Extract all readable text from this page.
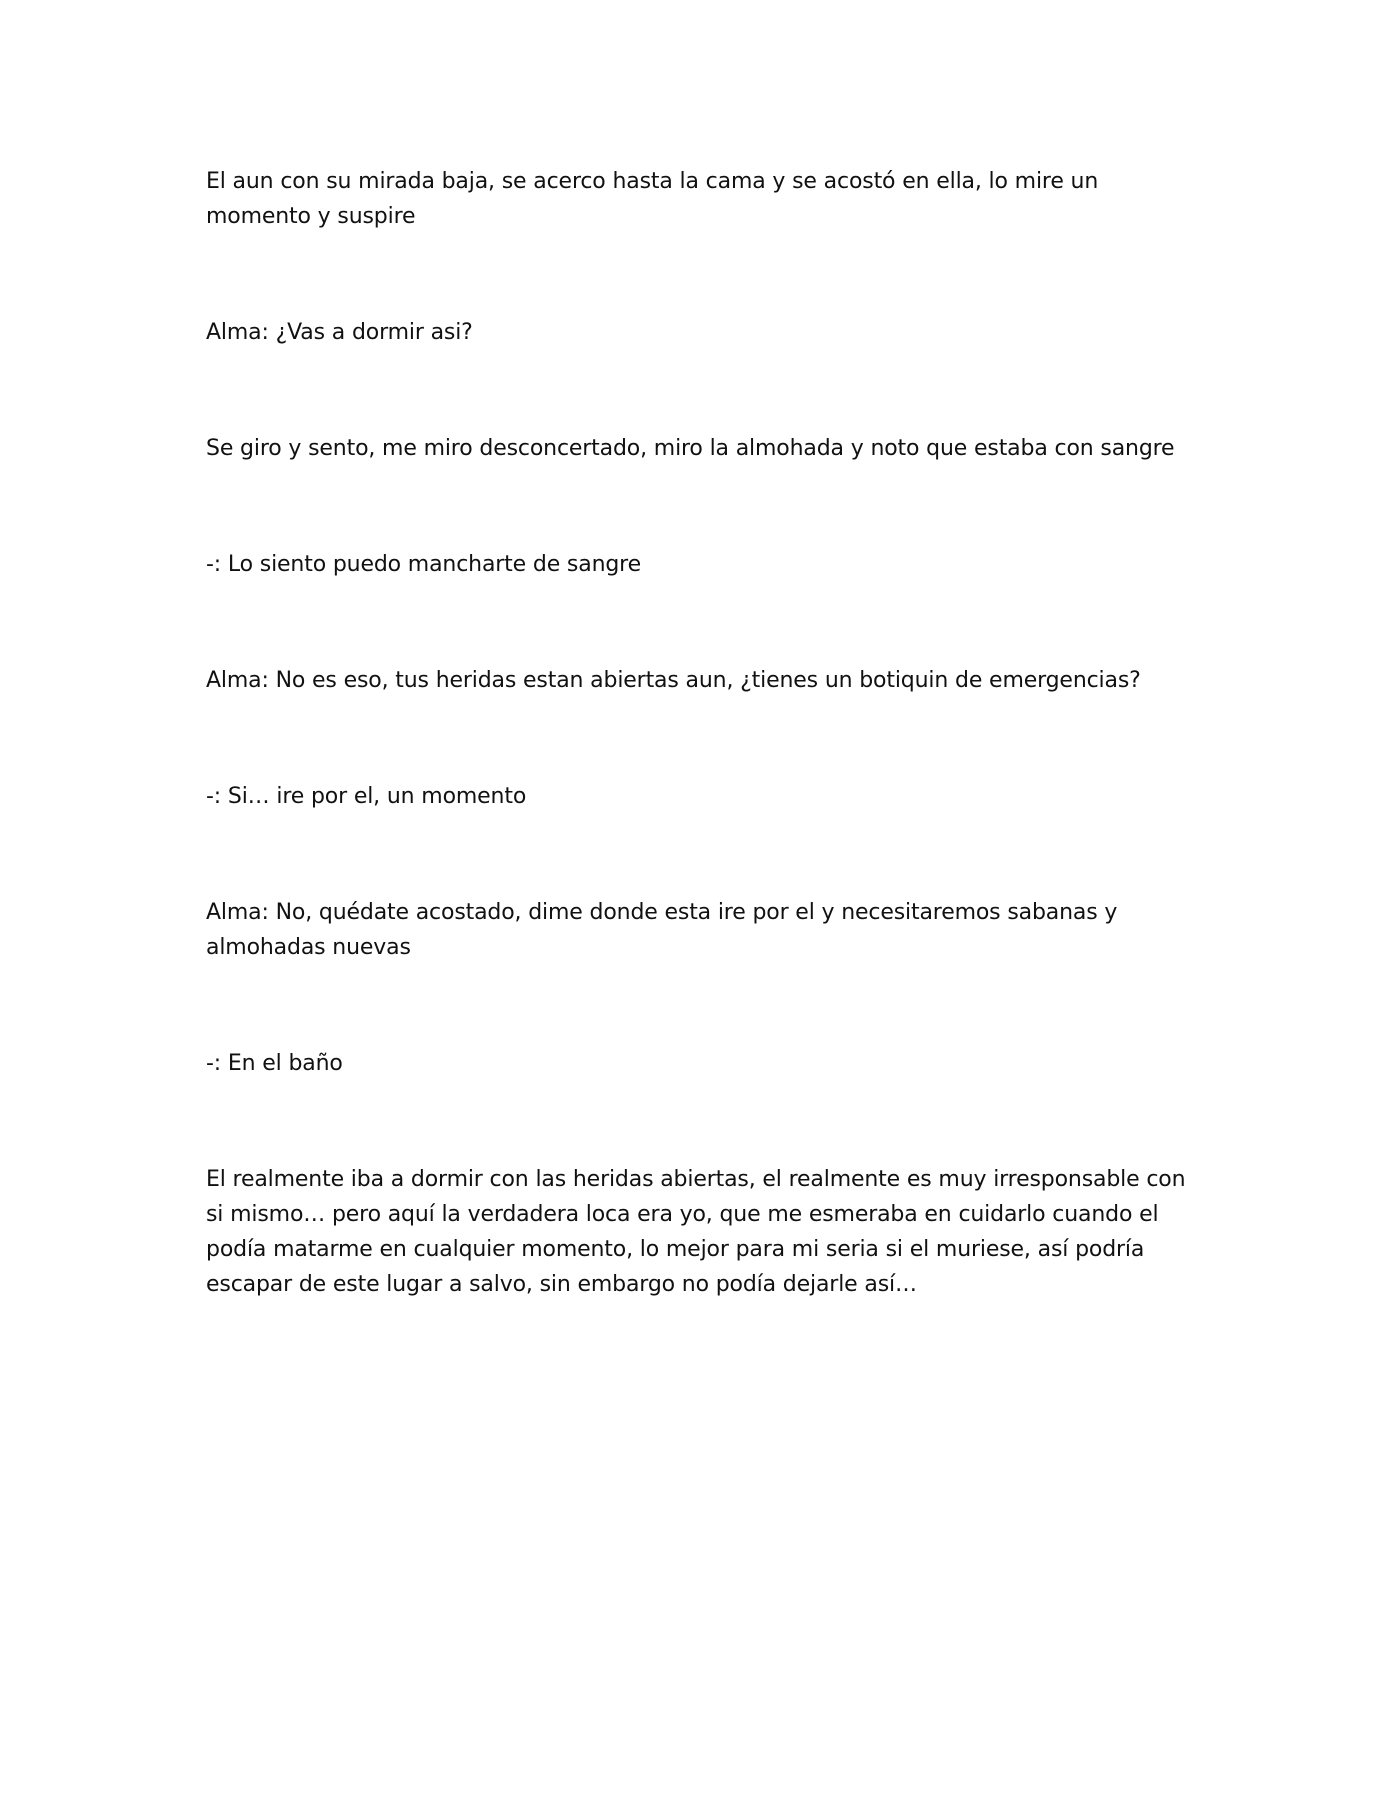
El aun con su mirada baja, se acerco hasta la cama y se acostó en ella, lo mire un momento y suspire

Alma: ¿Vas a dormir asi?

Se giro y sento, me miro desconcertado, miro la almohada y noto que estaba con sangre

-: Lo siento puedo mancharte de sangre

Alma: No es eso, tus heridas estan abiertas aun, ¿tienes un botiquin de emergencias?

-: Si… ire por el, un momento

Alma: No, quédate acostado, dime donde esta ire por el y necesitaremos sabanas y almohadas nuevas

-: En el baño

El realmente iba a dormir con las heridas abiertas, el realmente es muy irresponsable con si mismo… pero aquí la verdadera loca era yo, que me esmeraba en cuidarlo cuando el podía matarme en cualquier momento, lo mejor para mi seria si el muriese, así podría escapar de este lugar a salvo, sin embargo no podía dejarle así…
